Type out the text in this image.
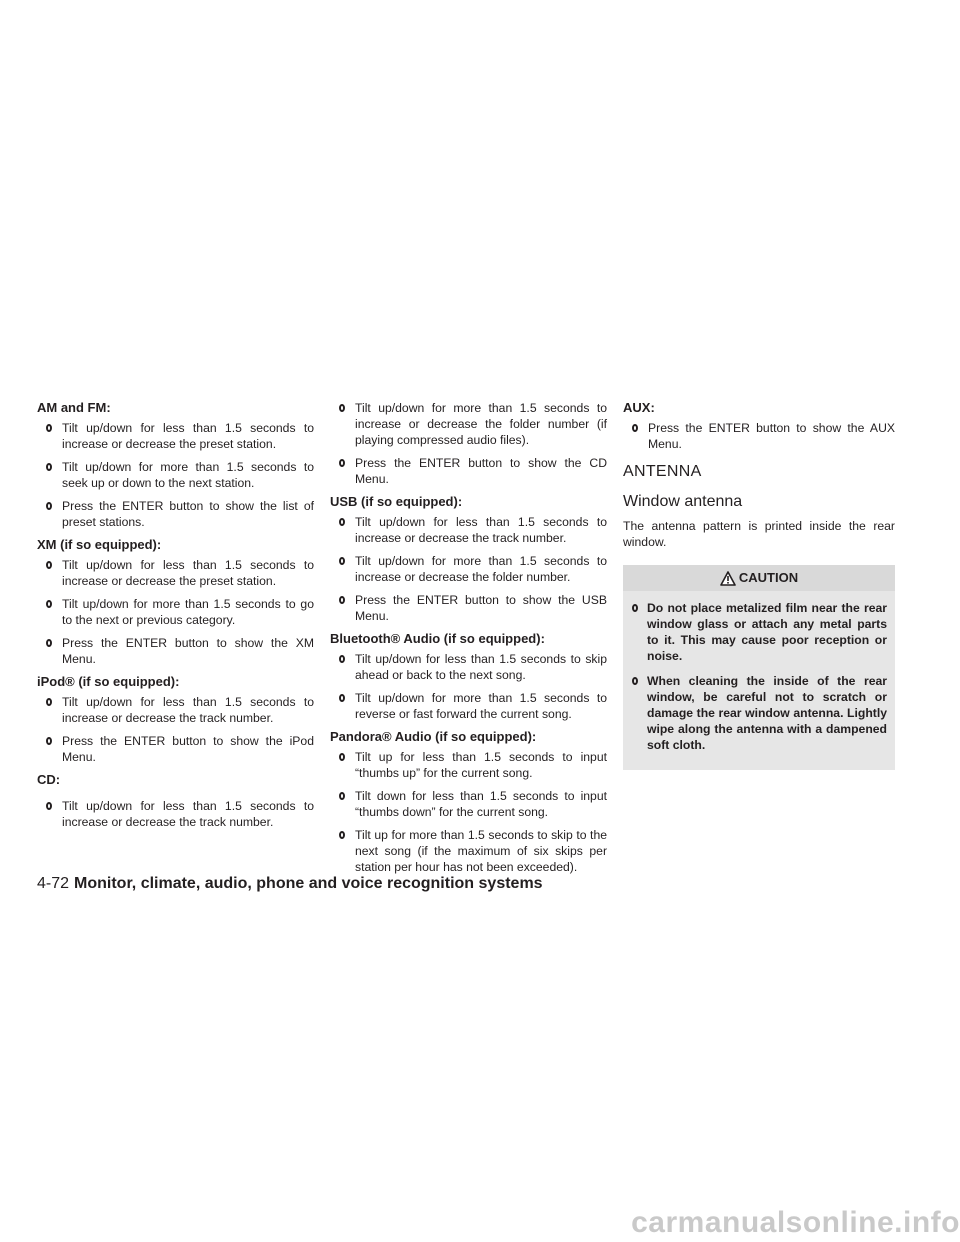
AM and FM:
Tilt up/down for less than 1.5 seconds to increase or decrease the preset station.
Tilt up/down for more than 1.5 seconds to seek up or down to the next station.
Press the ENTER button to show the list of preset stations.
XM (if so equipped):
Tilt up/down for less than 1.5 seconds to increase or decrease the preset station.
Tilt up/down for more than 1.5 seconds to go to the next or previous category.
Press the ENTER button to show the XM Menu.
iPod® (if so equipped):
Tilt up/down for less than 1.5 seconds to increase or decrease the track number.
Press the ENTER button to show the iPod Menu.
CD:
Tilt up/down for less than 1.5 seconds to increase or decrease the track number.
Tilt up/down for more than 1.5 seconds to increase or decrease the folder number (if playing compressed audio files).
Press the ENTER button to show the CD Menu.
USB (if so equipped):
Tilt up/down for less than 1.5 seconds to increase or decrease the track number.
Tilt up/down for more than 1.5 seconds to increase or decrease the folder number.
Press the ENTER button to show the USB Menu.
Bluetooth® Audio (if so equipped):
Tilt up/down for less than 1.5 seconds to skip ahead or back to the next song.
Tilt up/down for more than 1.5 seconds to reverse or fast forward the current song.
Pandora® Audio (if so equipped):
Tilt up for less than 1.5 seconds to input “thumbs up” for the current song.
Tilt down for less than 1.5 seconds to input “thumbs down” for the current song.
Tilt up for more than 1.5 seconds to skip to the next song (if the maximum of six skips per station per hour has not been exceeded).
AUX:
Press the ENTER button to show the AUX Menu.
ANTENNA
Window antenna

The antenna pattern is printed inside the rear window.

CAUTION
Do not place metalized film near the rear window glass or attach any metal parts to it. This may cause poor reception or noise.
When cleaning the inside of the rear window, be careful not to scratch or damage the rear window antenna. Lightly wipe along the antenna with a dampened soft cloth.
4-72 Monitor, climate, audio, phone and voice recognition systems
carmanualsonline.info
